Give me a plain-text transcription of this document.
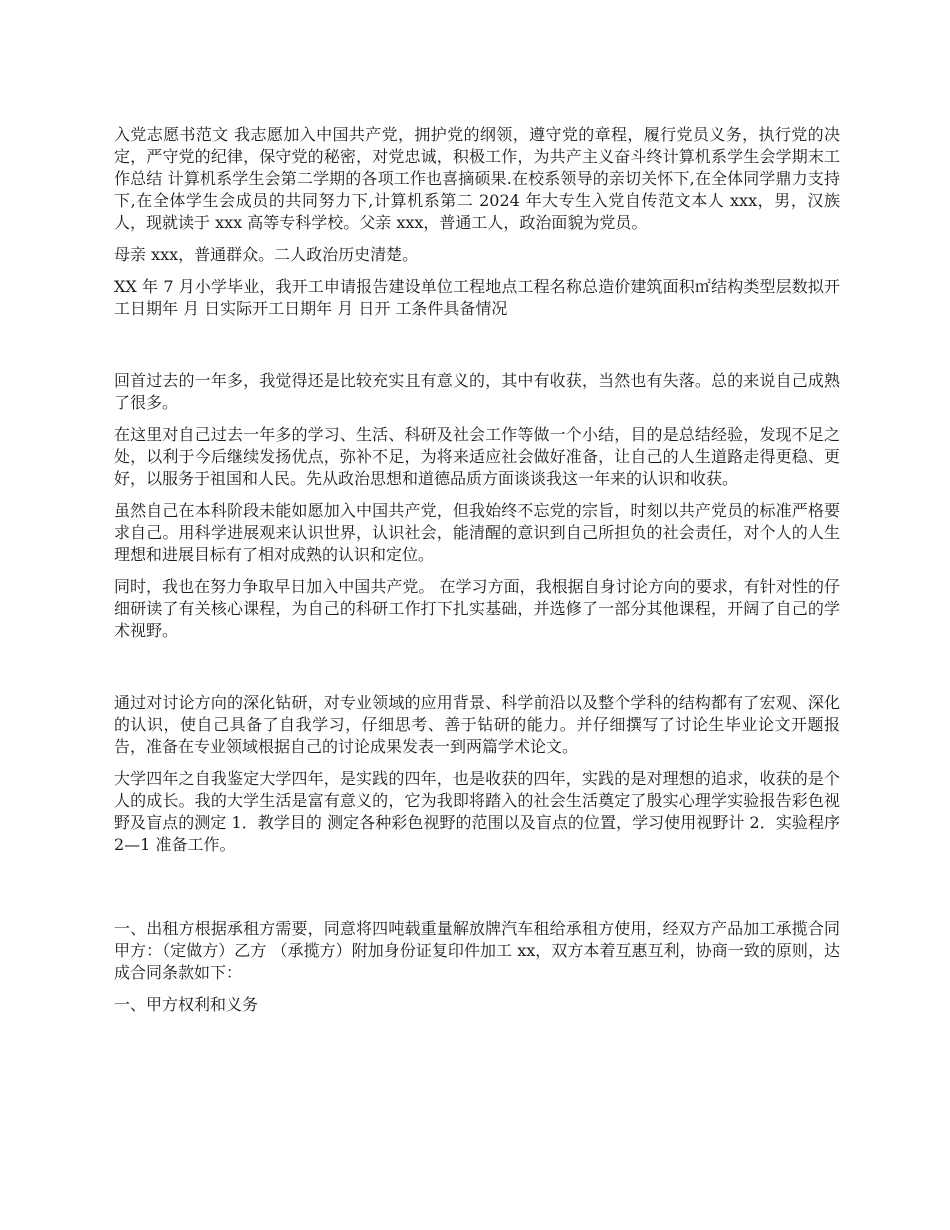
入党志愿书范文 我志愿加入中国共产党，拥护党的纲领，遵守党的章程，履行党员义务，执行党的决定，严守党的纪律，保守党的秘密，对党忠诚，积极工作，为共产主义奋斗终计算机系学生会学期末工作总结 计算机系学生会第二学期的各项工作也喜摘硕果.在校系领导的亲切关怀下,在全体同学鼎力支持下,在全体学生会成员的共同努力下,计算机系第二 2024 年大专生入党自传范文本人 xxx，男，汉族人，现就读于 xxx 高等专科学校。父亲 xxx，普通工人，政治面貌为党员。

母亲 xxx，普通群众。二人政治历史清楚。

XX 年 7 月小学毕业，我开工申请报告建设单位工程地点工程名称总造价建筑面积㎡结构类型层数拟开工日期年 月 日实际开工日期年 月 日开 工条件具备情况

回首过去的一年多，我觉得还是比较充实且有意义的，其中有收获，当然也有失落。总的来说自己成熟了很多。

在这里对自己过去一年多的学习、生活、科研及社会工作等做一个小结，目的是总结经验，发现不足之处，以利于今后继续发扬优点，弥补不足，为将来适应社会做好准备，让自己的人生道路走得更稳、更好，以服务于祖国和人民。先从政治思想和道德品质方面谈谈我这一年来的认识和收获。

虽然自己在本科阶段未能如愿加入中国共产党，但我始终不忘党的宗旨，时刻以共产党员的标准严格要求自己。用科学进展观来认识世界，认识社会，能清醒的意识到自己所担负的社会责任，对个人的人生理想和进展目标有了相对成熟的认识和定位。

同时，我也在努力争取早日加入中国共产党。 在学习方面，我根据自身讨论方向的要求，有针对性的仔细研读了有关核心课程，为自己的科研工作打下扎实基础，并选修了一部分其他课程，开阔了自己的学术视野。

通过对讨论方向的深化钻研，对专业领域的应用背景、科学前沿以及整个学科的结构都有了宏观、深化的认识，使自己具备了自我学习，仔细思考、善于钻研的能力。并仔细撰写了讨论生毕业论文开题报告，准备在专业领域根据自己的讨论成果发表一到两篇学术论文。

大学四年之自我鉴定大学四年，是实践的四年，也是收获的四年，实践的是对理想的追求，收获的是个人的成长。我的大学生活是富有意义的，它为我即将踏入的社会生活奠定了殷实心理学实验报告彩色视野及盲点的测定 1．教学目的 测定各种彩色视野的范围以及盲点的位置，学习使用视野计 2．实验程序 2—1 准备工作。

一、出租方根据承租方需要，同意将四吨载重量解放牌汽车租给承租方使用，经双方产品加工承揽合同甲方：（定做方）乙方 （承揽方）附加身份证复印件加工 xx，双方本着互惠互利，协商一致的原则，达成合同条款如下：

一、甲方权利和义务
